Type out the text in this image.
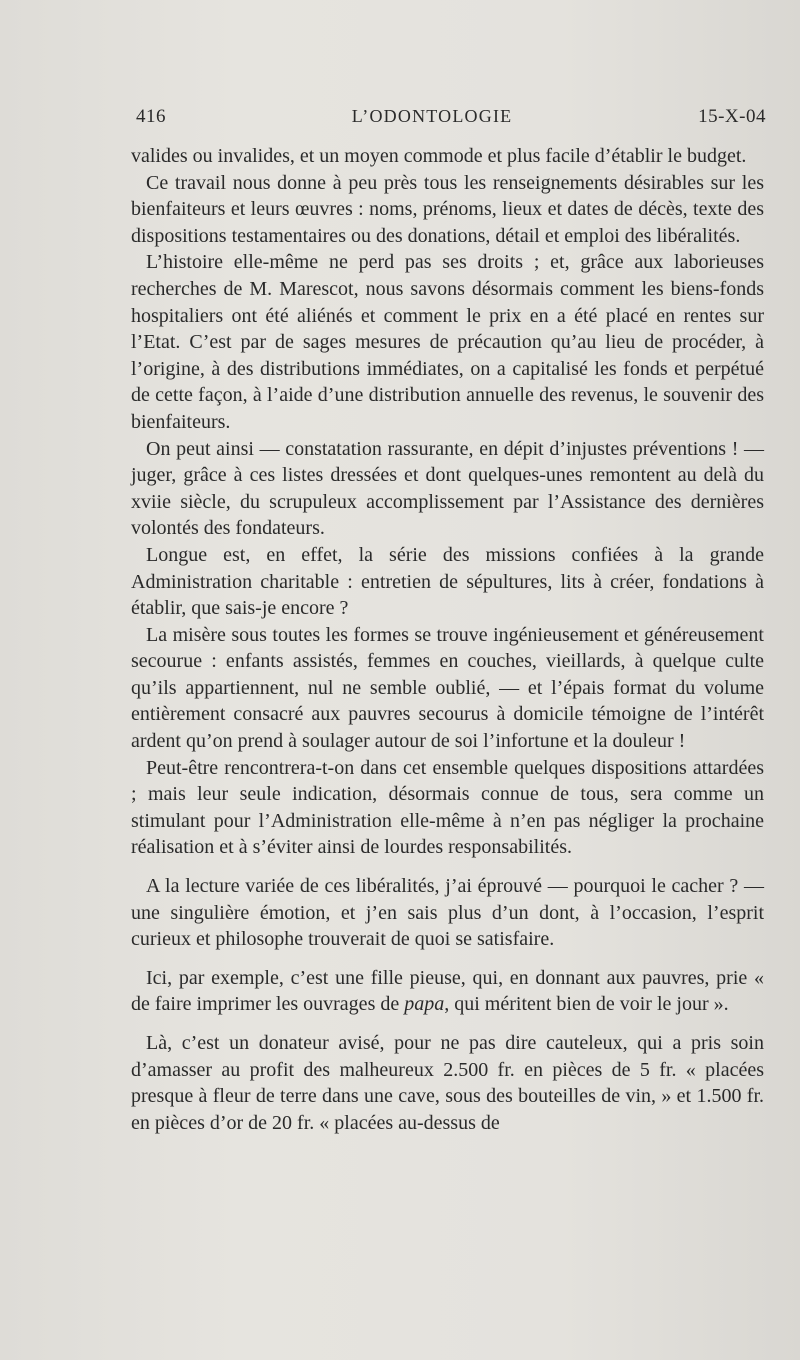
416	L’ODONTOLOGIE	15-X-04

valides ou invalides, et un moyen commode et plus facile d’établir le budget.

Ce travail nous donne à peu près tous les renseignements désirables sur les bienfaiteurs et leurs œuvres : noms, prénoms, lieux et dates de décès, texte des dispositions testamentaires ou des donations, détail et emploi des libéralités.

L’histoire elle-même ne perd pas ses droits ; et, grâce aux laborieuses recherches de M. Marescot, nous savons désormais comment les biens-fonds hospitaliers ont été aliénés et comment le prix en a été placé en rentes sur l’Etat. C’est par de sages mesures de précaution qu’au lieu de procéder, à l’origine, à des distributions immédiates, on a capitalisé les fonds et perpétué de cette façon, à l’aide d’une distribution annuelle des revenus, le souvenir des bienfaiteurs.

On peut ainsi — constatation rassurante, en dépit d’injustes préventions ! — juger, grâce à ces listes dressées et dont quelques-unes remontent au delà du xviie siècle, du scrupuleux accomplissement par l’Assistance des dernières volontés des fondateurs.

Longue est, en effet, la série des missions confiées à la grande Administration charitable : entretien de sépultures, lits à créer, fondations à établir, que sais-je encore ?

La misère sous toutes les formes se trouve ingénieusement et généreusement secourue : enfants assistés, femmes en couches, vieillards, à quelque culte qu’ils appartiennent, nul ne semble oublié, — et l’épais format du volume entièrement consacré aux pauvres secourus à domicile témoigne de l’intérêt ardent qu’on prend à soulager autour de soi l’infortune et la douleur !

Peut-être rencontrera-t-on dans cet ensemble quelques dispositions attardées ; mais leur seule indication, désormais connue de tous, sera comme un stimulant pour l’Administration elle-même à n’en pas négliger la prochaine réalisation et à s’éviter ainsi de lourdes responsabilités.

A la lecture variée de ces libéralités, j’ai éprouvé — pourquoi le cacher ? — une singulière émotion, et j’en sais plus d’un dont, à l’occasion, l’esprit curieux et philosophe trouverait de quoi se satisfaire.

Ici, par exemple, c’est une fille pieuse, qui, en donnant aux pauvres, prie « de faire imprimer les ouvrages de papa, qui méritent bien de voir le jour ».

Là, c’est un donateur avisé, pour ne pas dire cauteleux, qui a pris soin d’amasser au profit des malheureux 2.500 fr. en pièces de 5 fr. « placées presque à fleur de terre dans une cave, sous des bouteilles de vin, » et 1.500 fr. en pièces d’or de 20 fr. « placées au-dessus de
